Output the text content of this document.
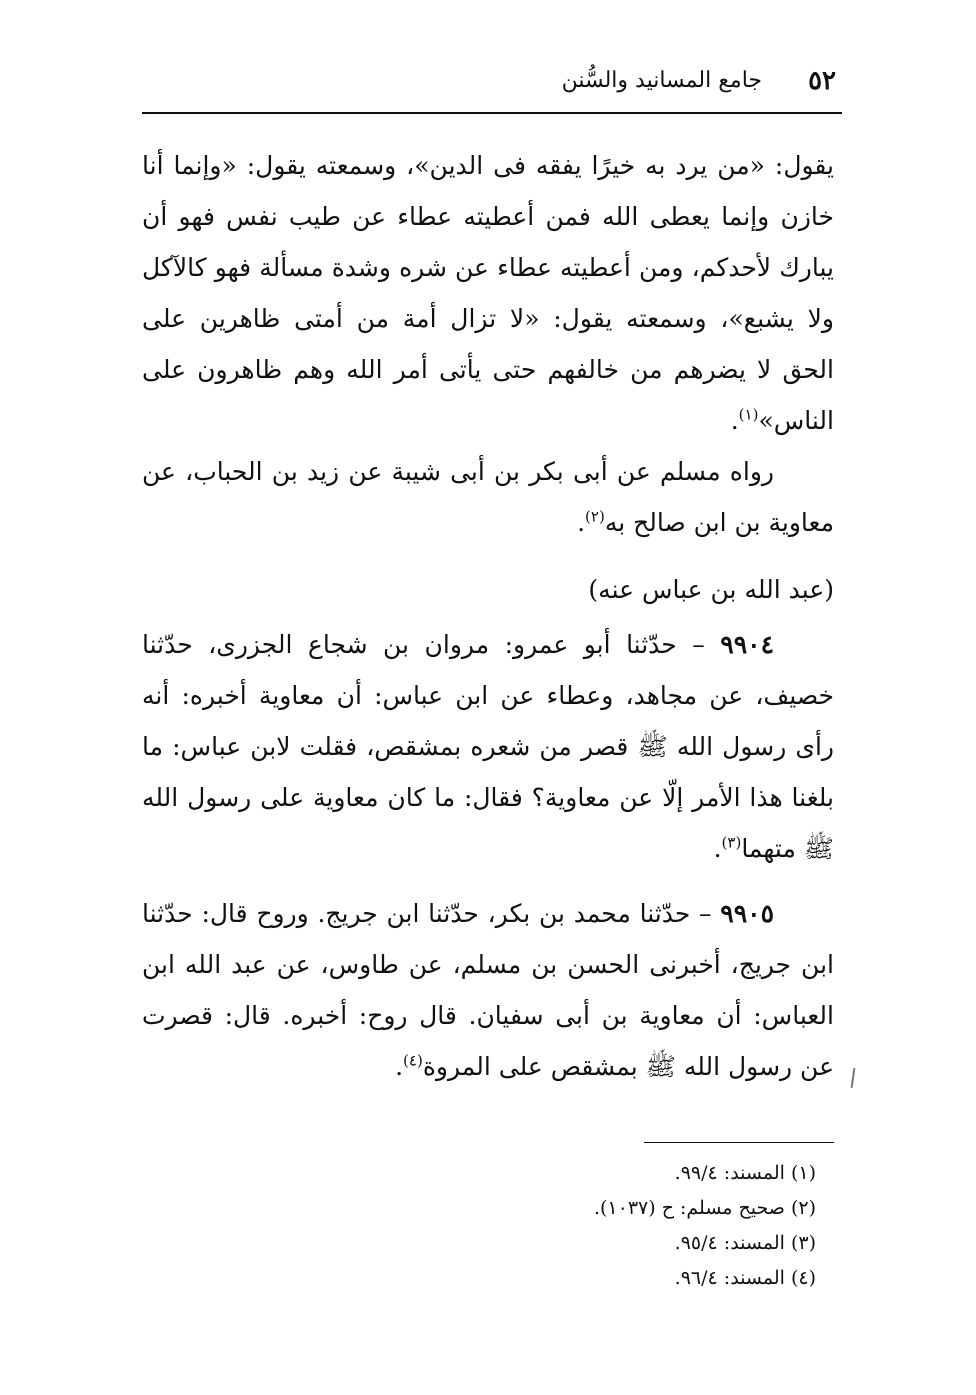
٥٢
جامع المسانيد والسُّنن

يقول: «من يرد به خيرًا يفقه فى الدين»، وسمعته يقول: «وإنما أنا خازن وإنما يعطى الله فمن أعطيته عطاء عن طيب نفس فهو أن يبارك لأحدكم، ومن أعطيته عطاء عن شره وشدة مسألة فهو كالآكل ولا يشبع»، وسمعته يقول: «لا تزال أمة من أمتى ظاهرين على الحق لا يضرهم من خالفهم حتى يأتى أمر الله وهم ظاهرون على الناس»$^{(١)}$.

رواه مسلم عن أبى بكر بن أبى شيبة عن زيد بن الحباب، عن معاوية بن ابن صالح به$^{(٢)}$.

(عبد الله بن عباس عنه)

٩٩٠٤ – حدّثنا أبو عمرو: مروان بن شجاع الجزرى، حدّثنا خصيف، عن مجاهد، وعطاء عن ابن عباس: أن معاوية أخبره: أنه رأى رسول الله ﷺ قصر من شعره بمشقص، فقلت لابن عباس: ما بلغنا هذا الأمر إلّا عن معاوية؟ فقال: ما كان معاوية على رسول الله ﷺ متهما$^{(٣)}$.

٩٩٠٥ – حدّثنا محمد بن بكر، حدّثنا ابن جريج. وروح قال: حدّثنا ابن جريج، أخبرنى الحسن بن مسلم، عن طاوس، عن عبد الله ابن العباس: أن معاوية بن أبى سفيان. قال روح: أخبره. قال: قصرت عن رسول الله ﷺ بمشقص على المروة$^{(٤)}$.

(١) المسند: ٩٩/٤.

(٢) صحيح مسلم: ح (١٠٣٧).

(٣) المسند: ٩٥/٤.

(٤) المسند: ٩٦/٤.
